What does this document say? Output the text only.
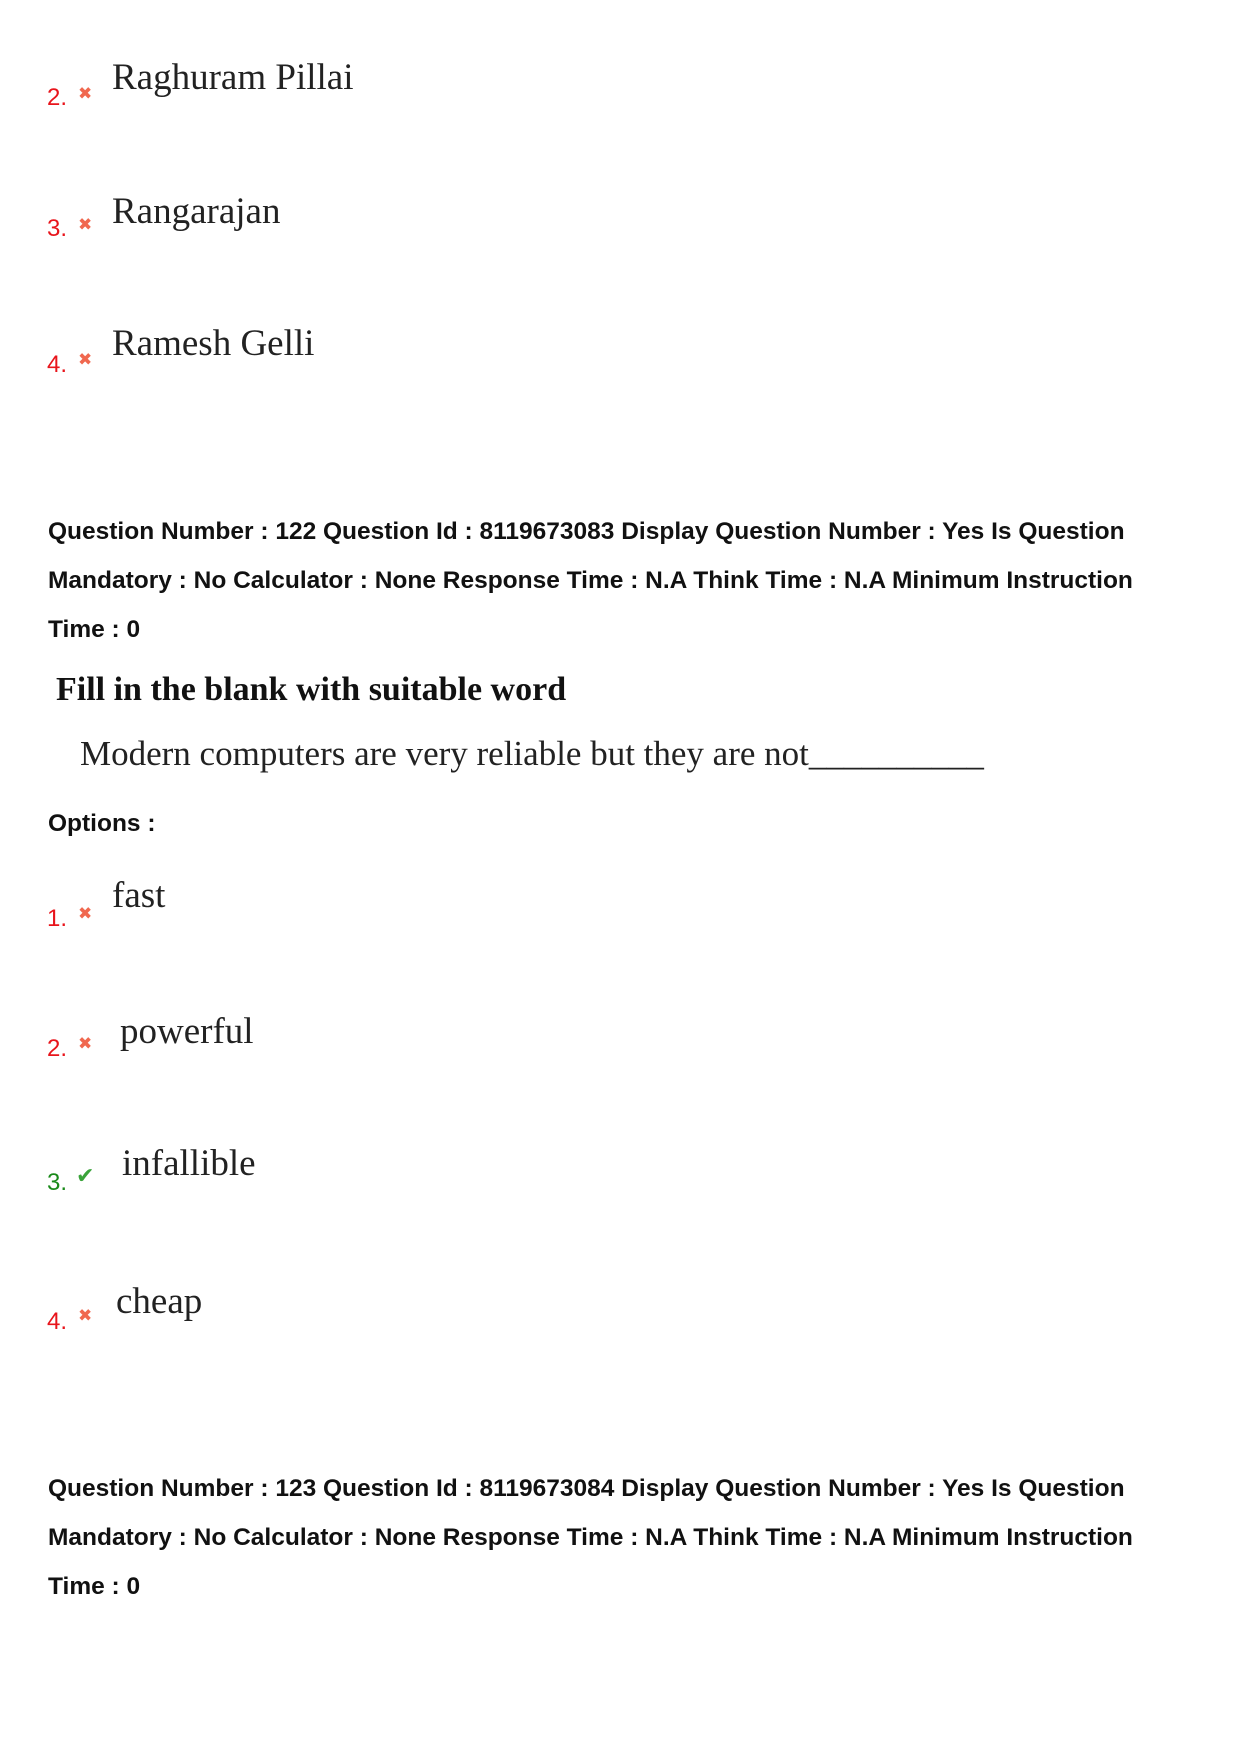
2. ✖ Raghuram Pillai
3. ✖ Rangarajan
4. ✖ Ramesh Gelli
Question Number : 122 Question Id : 8119673083 Display Question Number : Yes Is Question
Mandatory : No Calculator : None Response Time : N.A Think Time : N.A Minimum Instruction
Time : 0
Fill in the blank with suitable word
Modern computers are very reliable but they are not__________
Options :
1. ✖ fast
2. ✖ powerful
3. ✔ infallible
4. ✖ cheap
Question Number : 123 Question Id : 8119673084 Display Question Number : Yes Is Question
Mandatory : No Calculator : None Response Time : N.A Think Time : N.A Minimum Instruction
Time : 0
